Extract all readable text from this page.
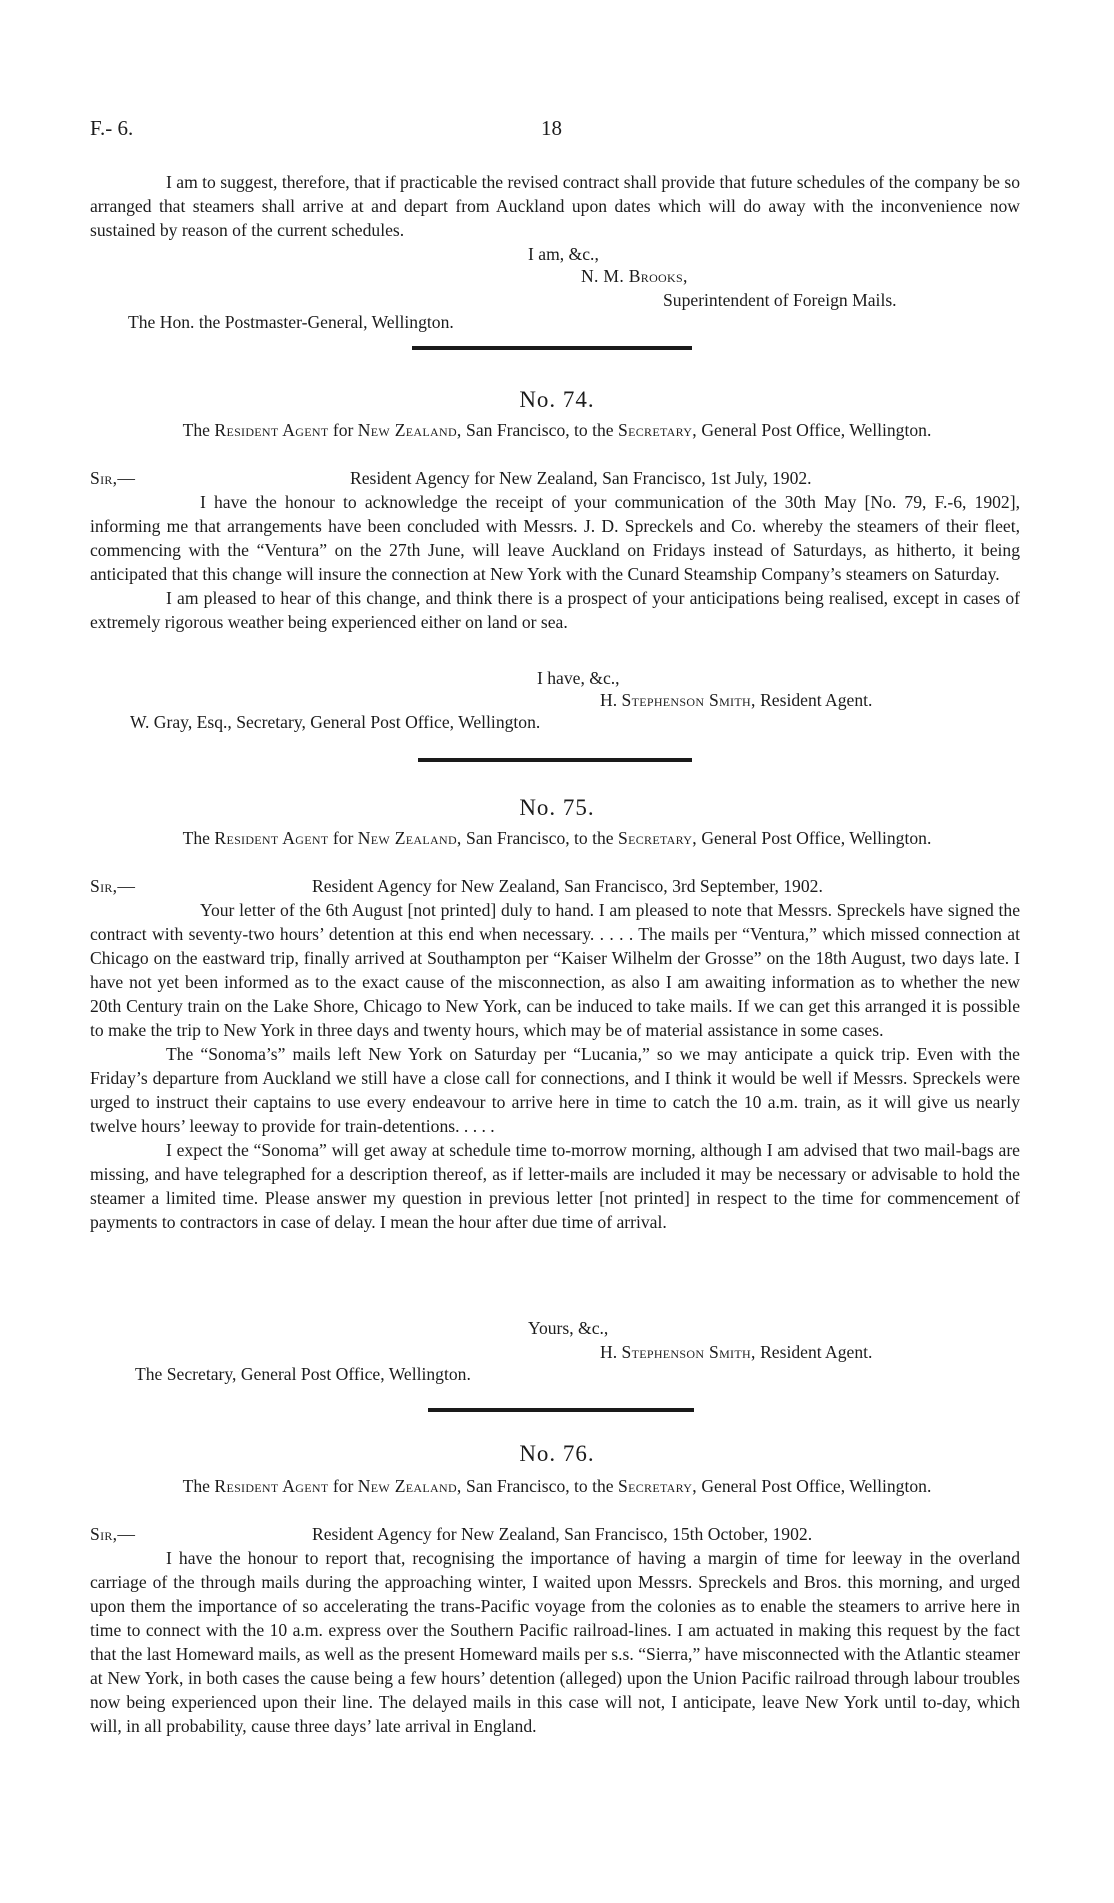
F.- 6.	18

I am to suggest, therefore, that if practicable the revised contract shall provide that future schedules of the company be so arranged that steamers shall arrive at and depart from Auckland upon dates which will do away with the inconvenience now sustained by reason of the current schedules.

I am, &c.,
N. M. Brooks,
Superintendent of Foreign Mails.
The Hon. the Postmaster-General, Wellington.
No. 74.
The Resident Agent for New Zealand, San Francisco, to the Secretary, General Post Office, Wellington.
Sir,—	Resident Agency for New Zealand, San Francisco, 1st July, 1902.

I have the honour to acknowledge the receipt of your communication of the 30th May [No. 79, F.-6, 1902], informing me that arrangements have been concluded with Messrs. J. D. Spreckels and Co. whereby the steamers of their fleet, commencing with the “Ventura” on the 27th June, will leave Auckland on Fridays instead of Saturdays, as hitherto, it being anticipated that this change will insure the connection at New York with the Cunard Steamship Company’s steamers on Saturday.

I am pleased to hear of this change, and think there is a prospect of your anticipations being realised, except in cases of extremely rigorous weather being experienced either on land or sea.

I have, &c.,
H. Stephenson Smith, Resident Agent.
W. Gray, Esq., Secretary, General Post Office, Wellington.
No. 75.
The Resident Agent for New Zealand, San Francisco, to the Secretary, General Post Office, Wellington.
Sir,—	Resident Agency for New Zealand, San Francisco, 3rd September, 1902.

Your letter of the 6th August [not printed] duly to hand. I am pleased to note that Messrs. Spreckels have signed the contract with seventy-two hours’ detention at this end when necessary. . . . . The mails per “Ventura,” which missed connection at Chicago on the eastward trip, finally arrived at Southampton per “Kaiser Wilhelm der Grosse” on the 18th August, two days late. I have not yet been informed as to the exact cause of the misconnection, as also I am awaiting information as to whether the new 20th Century train on the Lake Shore, Chicago to New York, can be induced to take mails. If we can get this arranged it is possible to make the trip to New York in three days and twenty hours, which may be of material assistance in some cases.

The “Sonoma’s” mails left New York on Saturday per “Lucania,” so we may anticipate a quick trip. Even with the Friday’s departure from Auckland we still have a close call for connections, and I think it would be well if Messrs. Spreckels were urged to instruct their captains to use every endeavour to arrive here in time to catch the 10 a.m. train, as it will give us nearly twelve hours’ leeway to provide for train-detentions. . . . .

I expect the “Sonoma” will get away at schedule time to-morrow morning, although I am advised that two mail-bags are missing, and have telegraphed for a description thereof, as if letter-mails are included it may be necessary or advisable to hold the steamer a limited time. Please answer my question in previous letter [not printed] in respect to the time for commencement of payments to contractors in case of delay. I mean the hour after due time of arrival.

Yours, &c.,
H. Stephenson Smith, Resident Agent.
The Secretary, General Post Office, Wellington.
No. 76.
The Resident Agent for New Zealand, San Francisco, to the Secretary, General Post Office, Wellington.
Sir,—	Resident Agency for New Zealand, San Francisco, 15th October, 1902.

I have the honour to report that, recognising the importance of having a margin of time for leeway in the overland carriage of the through mails during the approaching winter, I waited upon Messrs. Spreckels and Bros. this morning, and urged upon them the importance of so accelerating the trans-Pacific voyage from the colonies as to enable the steamers to arrive here in time to connect with the 10 a.m. express over the Southern Pacific railroad-lines. I am actuated in making this request by the fact that the last Homeward mails, as well as the present Homeward mails per s.s. “Sierra,” have misconnected with the Atlantic steamer at New York, in both cases the cause being a few hours’ detention (alleged) upon the Union Pacific railroad through labour troubles now being experienced upon their line. The delayed mails in this case will not, I anticipate, leave New York until to-day, which will, in all probability, cause three days’ late arrival in England.
